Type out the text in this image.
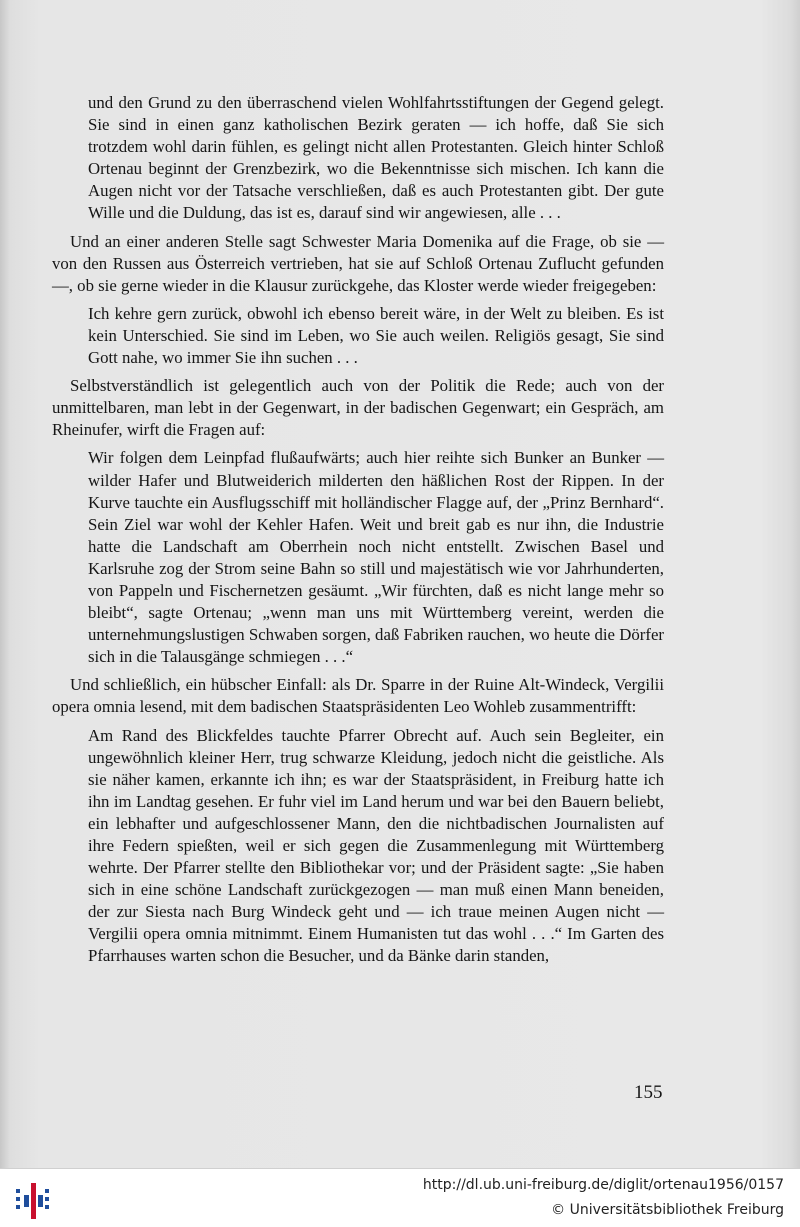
und den Grund zu den überraschend vielen Wohlfahrtsstiftungen der Gegend gelegt. Sie sind in einen ganz katholischen Bezirk geraten — ich hoffe, daß Sie sich trotzdem wohl darin fühlen, es gelingt nicht allen Protestanten. Gleich hinter Schloß Ortenau beginnt der Grenzbezirk, wo die Bekenntnisse sich mischen. Ich kann die Augen nicht vor der Tatsache verschließen, daß es auch Protestanten gibt. Der gute Wille und die Duldung, das ist es, darauf sind wir angewiesen, alle . . .

Und an einer anderen Stelle sagt Schwester Maria Domenika auf die Frage, ob sie — von den Russen aus Österreich vertrieben, hat sie auf Schloß Ortenau Zuflucht gefunden —, ob sie gerne wieder in die Klausur zurückgehe, das Kloster werde wieder freigegeben:

Ich kehre gern zurück, obwohl ich ebenso bereit wäre, in der Welt zu bleiben. Es ist kein Unterschied. Sie sind im Leben, wo Sie auch weilen. Religiös gesagt, Sie sind Gott nahe, wo immer Sie ihn suchen . . .

Selbstverständlich ist gelegentlich auch von der Politik die Rede; auch von der unmittelbaren, man lebt in der Gegenwart, in der badischen Gegenwart; ein Gespräch, am Rheinufer, wirft die Fragen auf:

Wir folgen dem Leinpfad flußaufwärts; auch hier reihte sich Bunker an Bunker — wilder Hafer und Blutweiderich milderten den häßlichen Rost der Rippen. In der Kurve tauchte ein Ausflugsschiff mit holländischer Flagge auf, der „Prinz Bernhard“. Sein Ziel war wohl der Kehler Hafen. Weit und breit gab es nur ihn, die Industrie hatte die Landschaft am Oberrhein noch nicht entstellt. Zwischen Basel und Karlsruhe zog der Strom seine Bahn so still und majestätisch wie vor Jahrhunderten, von Pappeln und Fischernetzen gesäumt. „Wir fürchten, daß es nicht lange mehr so bleibt“, sagte Ortenau; „wenn man uns mit Württemberg vereint, werden die unternehmungslustigen Schwaben sorgen, daß Fabriken rauchen, wo heute die Dörfer sich in die Talausgänge schmiegen . . .“

Und schließlich, ein hübscher Einfall: als Dr. Sparre in der Ruine Alt-Windeck, Vergilii opera omnia lesend, mit dem badischen Staatspräsidenten Leo Wohleb zusammentrifft:

Am Rand des Blickfeldes tauchte Pfarrer Obrecht auf. Auch sein Begleiter, ein ungewöhnlich kleiner Herr, trug schwarze Kleidung, jedoch nicht die geistliche. Als sie näher kamen, erkannte ich ihn; es war der Staatspräsident, in Freiburg hatte ich ihn im Landtag gesehen. Er fuhr viel im Land herum und war bei den Bauern beliebt, ein lebhafter und aufgeschlossener Mann, den die nichtbadischen Journalisten auf ihre Federn spießten, weil er sich gegen die Zusammenlegung mit Württemberg wehrte. Der Pfarrer stellte den Bibliothekar vor; und der Präsident sagte: „Sie haben sich in eine schöne Landschaft zurückgezogen — man muß einen Mann beneiden, der zur Siesta nach Burg Windeck geht und — ich traue meinen Augen nicht — Vergilii opera omnia mitnimmt. Einem Humanisten tut das wohl . . .“ Im Garten des Pfarrhauses warten schon die Besucher, und da Bänke darin standen,

155
http://dl.ub.uni-freiburg.de/diglit/ortenau1956/0157
© Universitätsbibliothek Freiburg
